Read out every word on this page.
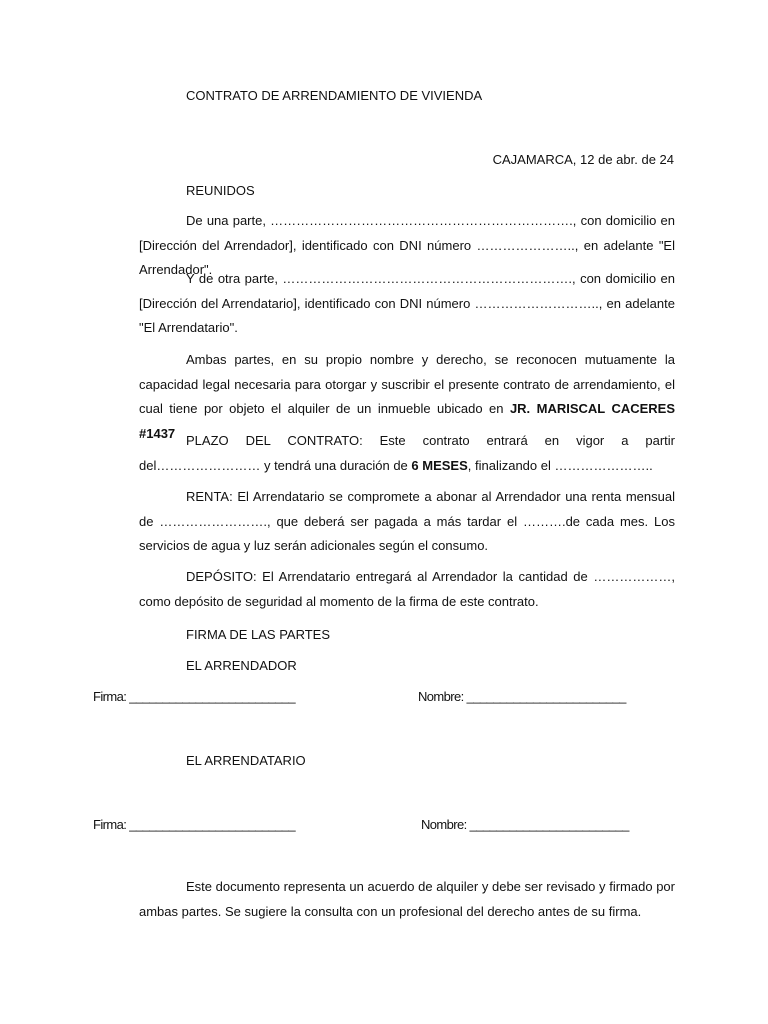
CONTRATO DE ARRENDAMIENTO DE VIVIENDA
CAJAMARCA, 12 de abr. de 24
REUNIDOS

De una parte, ……………………………………………………………., con domicilio en [Dirección del Arrendador], identificado con DNI número ………………….., en adelante "El Arrendador".

Y de otra parte, …………………………………………………………., con domicilio en [Dirección del Arrendatario], identificado con DNI número ……………………….., en adelante "El Arrendatario".

Ambas partes, en su propio nombre y derecho, se reconocen mutuamente la capacidad legal necesaria para otorgar y suscribir el presente contrato de arrendamiento, el cual tiene por objeto el alquiler de un inmueble ubicado en JR. MARISCAL CACERES #1437 PLAZO DEL CONTRATO: Este contrato entrará en vigor a partir del…………………… y tendrá una duración de 6 MESES, finalizando el …………………..

RENTA: El Arrendatario se compromete a abonar al Arrendador una renta mensual de ……………………., que deberá ser pagada a más tardar el ……….de cada mes. Los servicios de agua y luz serán adicionales según el consumo.

DEPÓSITO: El Arrendatario entregará al Arrendador la cantidad de ………………, como depósito de seguridad al momento de la firma de este contrato.

FIRMA DE LAS PARTES
EL ARRENDADOR
Firma: _________________________	Nombre: ________________________
EL ARRENDATARIO
Firma: _________________________	Nombre: ________________________

Este documento representa un acuerdo de alquiler y debe ser revisado y firmado por ambas partes. Se sugiere la consulta con un profesional del derecho antes de su firma.
